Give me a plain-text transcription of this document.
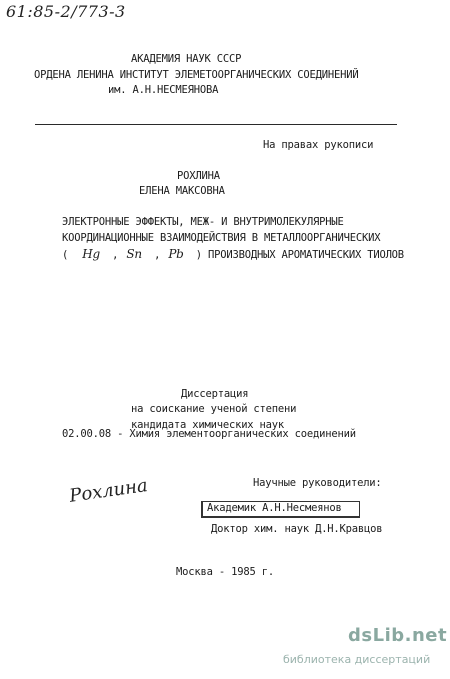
61:85-2/773-3
АКАДЕМИЯ НАУК СССР
ОРДЕНА ЛЕНИНА ИНСТИТУТ ЭЛЕМЕТООРГАНИЧЕСКИХ СОЕДИНЕНИЙ
им. А.Н.НЕСМЕЯНОВА
На правах рукописи
РОХЛИНА
ЕЛЕНА МАКСОВНА
ЭЛЕКТРОННЫЕ ЭФФЕКТЫ, МЕЖ- И ВНУТРИМОЛЕКУЛЯРНЫЕ
КООРДИНАЦИОННЫЕ ВЗАИМОДЕЙСТВИЯ В МЕТАЛЛООРГАНИЧЕСКИХ
( Hg , Sn , Pb ) ПРОИЗВОДНЫХ АРОМАТИЧЕСКИХ ТИОЛОВ
02.00.08 - Химия элементоорганических соединений
Диссертация
на соискание ученой степени
кандидата химических наук
Научные руководители:
Рохлина
Академик А.Н.Несмеянов
Доктор хим. наук Д.Н.Кравцов
Москва - 1985 г.
dsLib.net
библиотека диссертаций
